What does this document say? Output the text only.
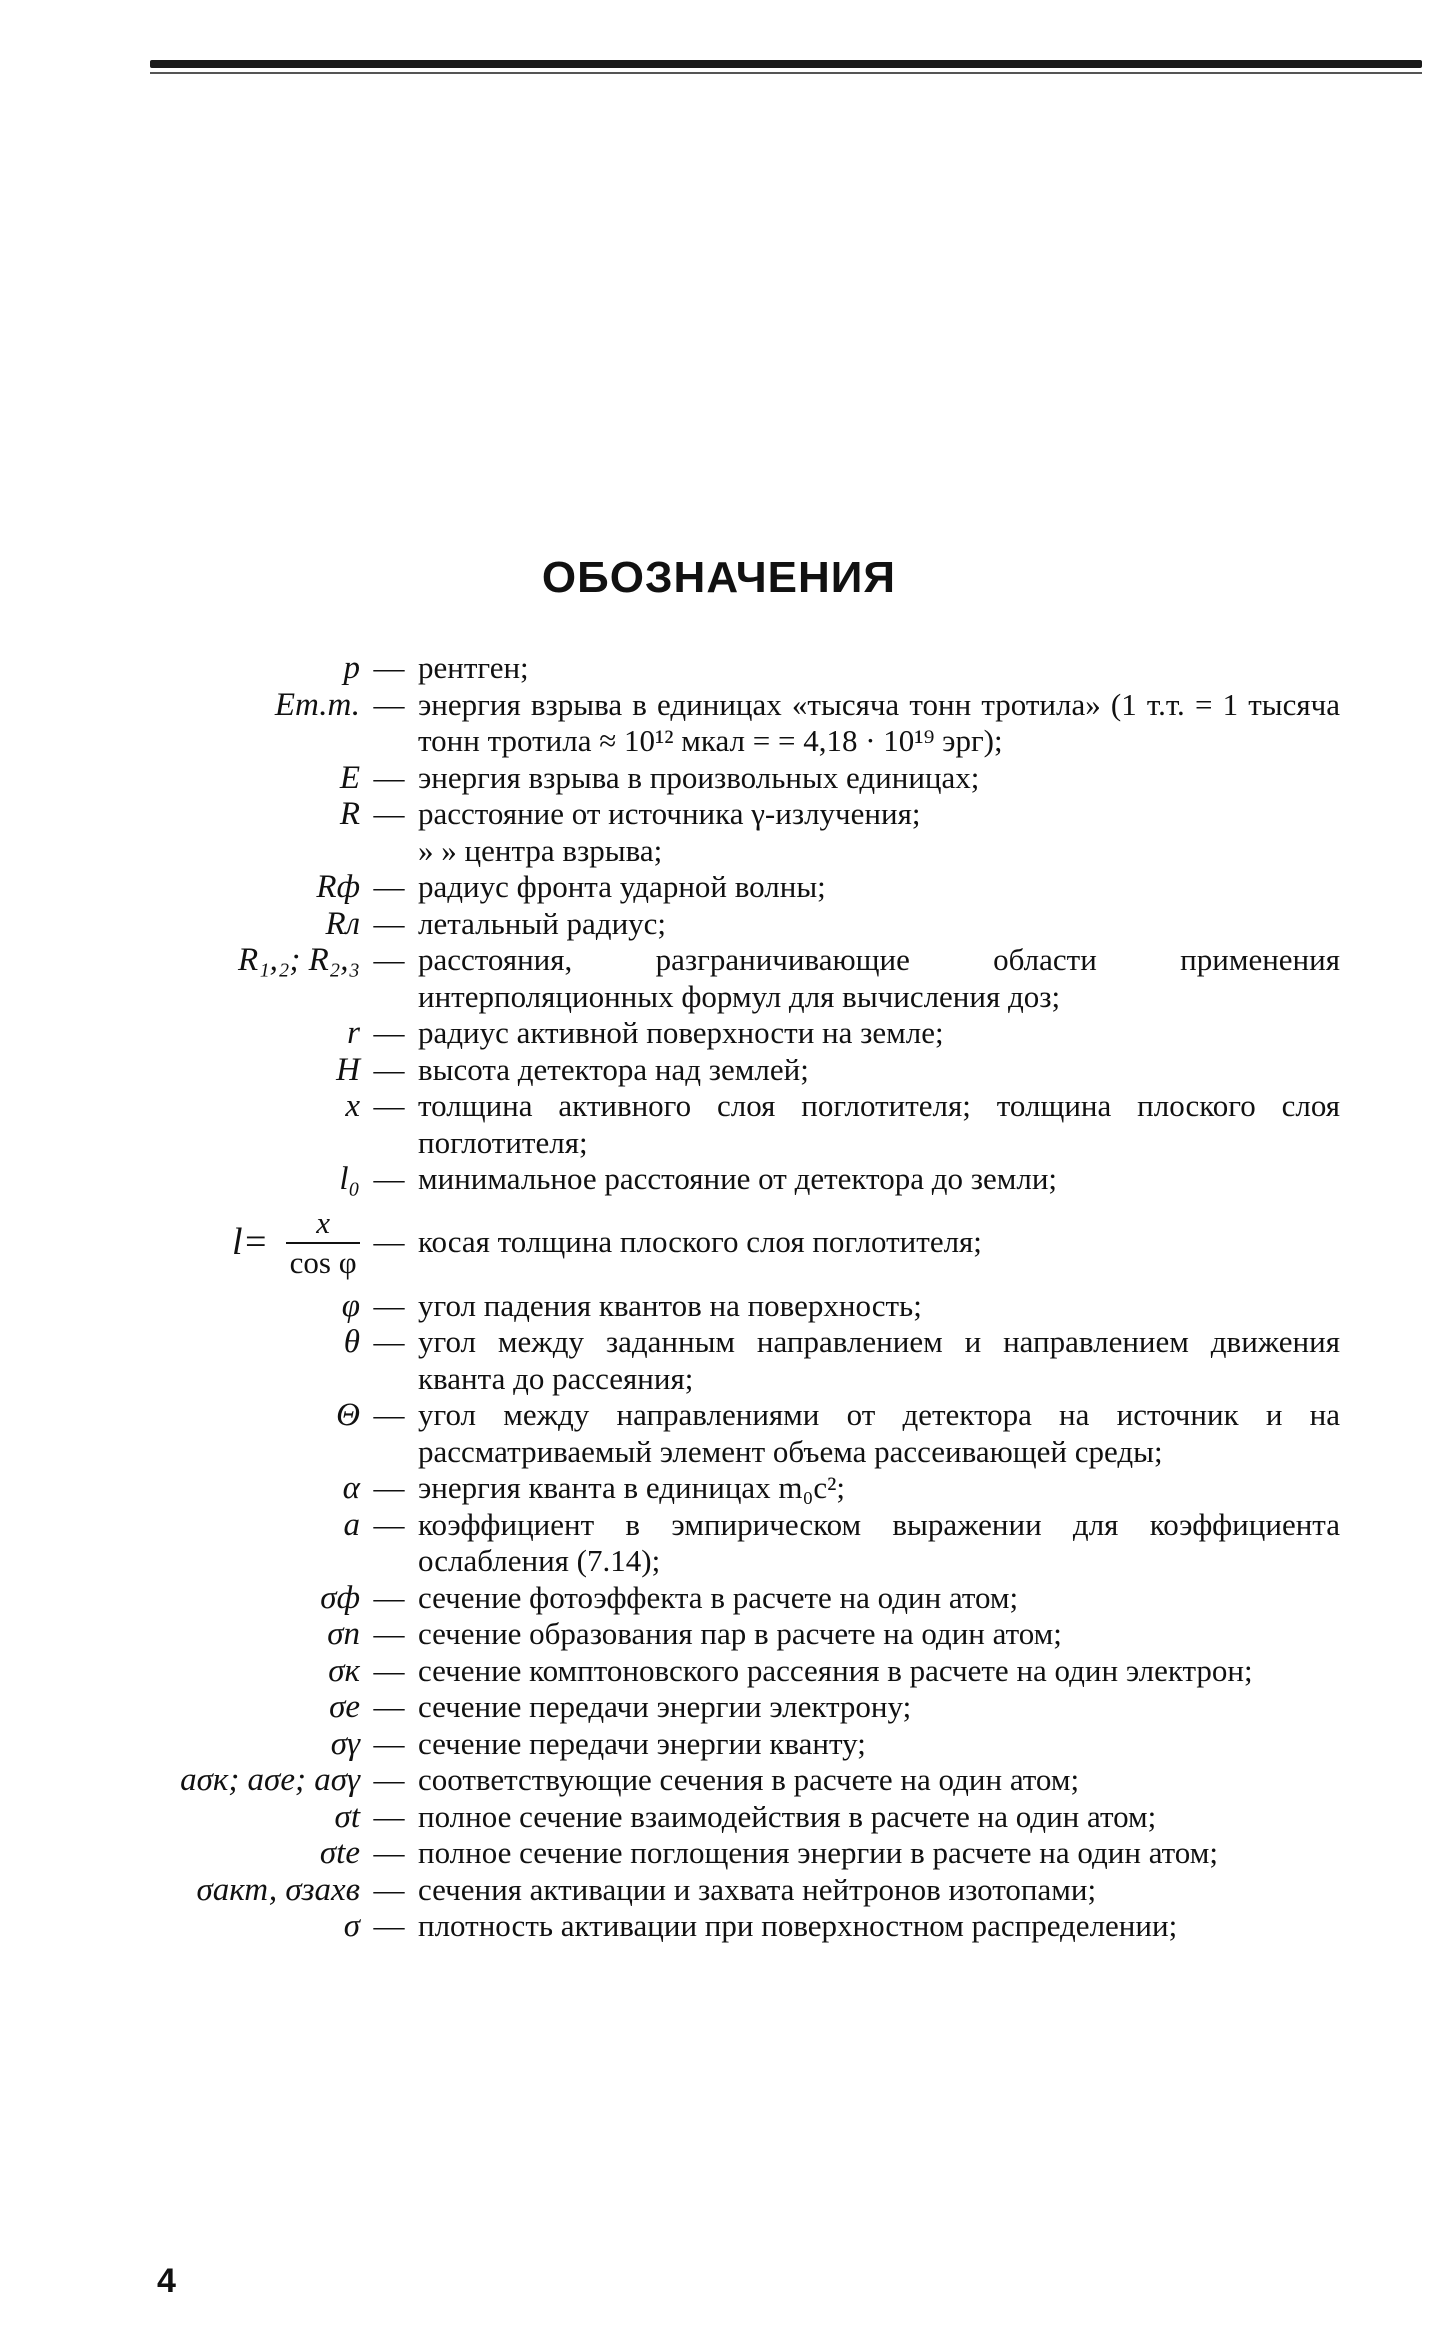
ОБОЗНАЧЕНИЯ
р — рентген;
Eт.т. — энергия взрыва в единицах «тысяча тонн тротила» (1 т.т. = 1 тысяча тонн тротила ≈ 10¹² мкал = = 4,18 · 10¹⁹ эрг);
E — энергия взрыва в произвольных единицах;
R — расстояние от источника γ-излучения;
» » центра взрыва;
Rф — радиус фронта ударной волны;
Rл — летальный радиус;
R₁,₂; R₂,₃ — расстояния, разграничивающие области применения интерполяционных формул для вычисления доз;
r — радиус активной поверхности на земле;
H — высота детектора над землей;
x — толщина активного слоя поглотителя; толщина плоского слоя поглотителя;
l₀ — минимальное расстояние от детектора до земли;
$l= \frac{x}{\text{cos φ}}$ — косая толщина плоского слоя поглотителя;
φ — угол падения квантов на поверхность;
θ — угол между заданным направлением и направлением движения кванта до рассеяния;
Θ — угол между направлениями от детектора на источник и на рассматриваемый элемент объема рассеивающей среды;
α — энергия кванта в единицах m₀c²;
a — коэффициент в эмпирическом выражении для коэффициента ослабления (7.14);
σф — сечение фотоэффекта в расчете на один атом;
σп — сечение образования пар в расчете на один атом;
σк — сечение комптоновского рассеяния в расчете на один электрон;
σe — сечение передачи энергии электрону;
σγ — сечение передачи энергии кванту;
aσк; aσe; aσγ — соответствующие сечения в расчете на один атом;
σt — полное сечение взаимодействия в расчете на один атом;
σte — полное сечение поглощения энергии в расчете на один атом;
σакт, σзахв — сечения активации и захвата нейтронов изотопами;
σ — плотность активации при поверхностном распределении;
4
